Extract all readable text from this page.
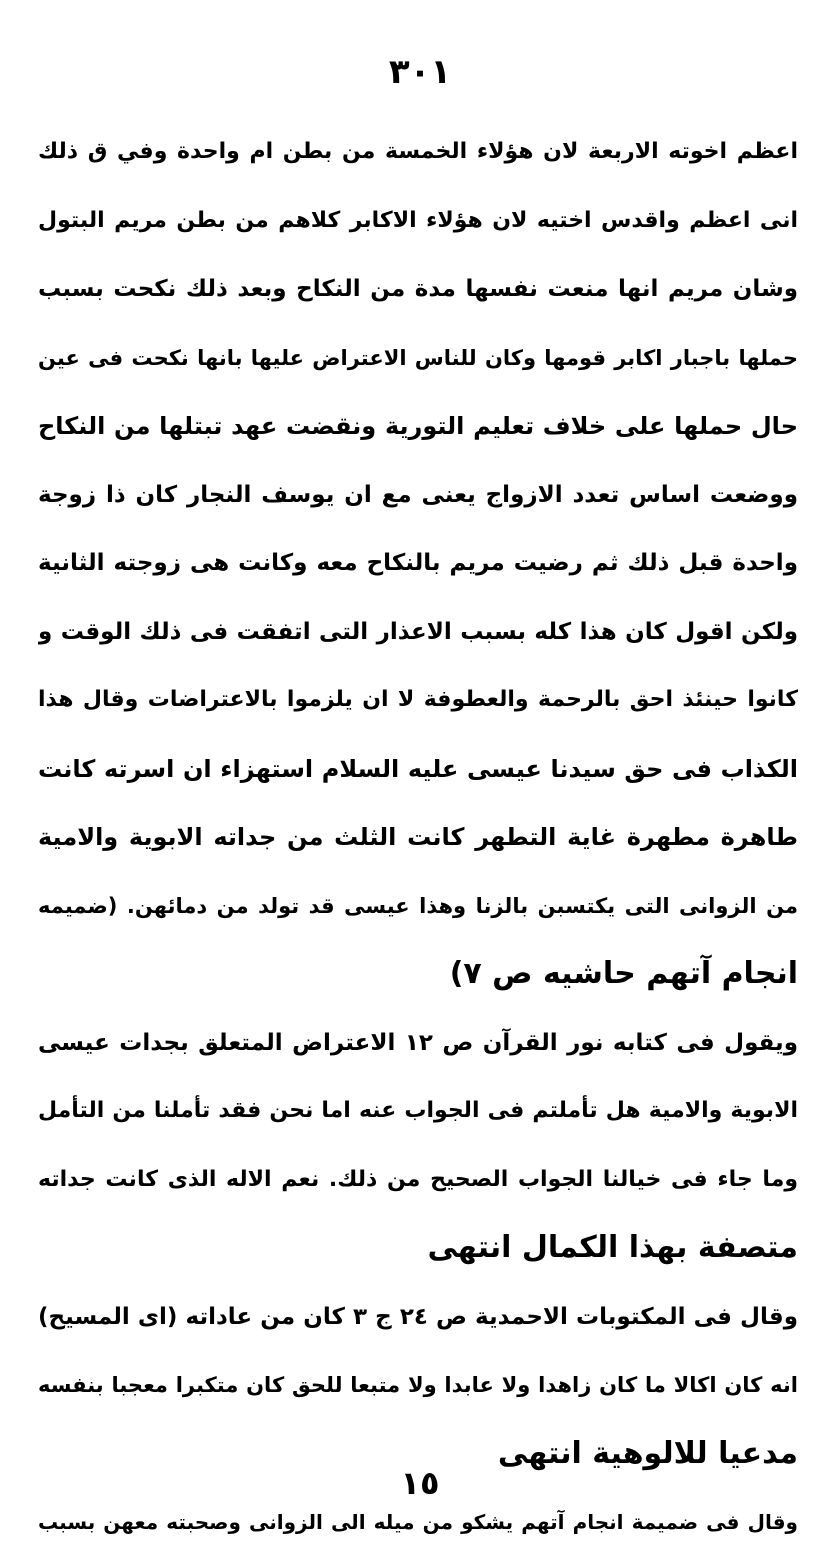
٣٠١
اعظم اخوته الاربعة لان هؤلاء الخمسة من بطن ام واحدة وفي ق ذلك
انى اعظم واقدس اختيه لان هؤلاء الاكابر كلاهم من بطن مريم البتول
وشان مريم انها منعت نفسها مدة من النكاح وبعد ذلك نكحت بسبب
حملها باجبار اكابر قومها وكان للناس الاعتراض عليها بانها نكحت فى عين
حال حملها على خلاف تعليم التورية ونقضت عهد تبتلها من النكاح
ووضعت اساس تعدد الازواج يعنى مع ان يوسف النجار كان ذا زوجة
واحدة قبل ذلك ثم رضيت مريم بالنكاح معه وكانت هى زوجته الثانية
ولكن اقول كان هذا كله بسبب الاعذار التى اتفقت فى ذلك الوقت و
كانوا حينئذ احق بالرحمة والعطوفة لا ان يلزموا بالاعتراضات وقال هذا
الكذاب فى حق سيدنا عيسى عليه السلام استهزاء ان اسرته كانت
طاهرة مطهرة غاية التطهر كانت الثلث من جداته الابوية والامية
من الزوانى التى يكتسبن بالزنا وهذا عيسى قد تولد من دمائهن. (ضميمه
انجام آتهم حاشيه ص ٧)
ويقول فى كتابه نور القرآن ص ١٢ الاعتراض المتعلق بجدات عيسى
الابوية والامية هل تأملتم فى الجواب عنه اما نحن فقد تأملنا من التأمل
وما جاء فى خيالنا الجواب الصحيح من ذلك. نعم الاله الذى كانت جداته
متصفة بهذا الكمال انتهى
وقال فى المكتوبات الاحمدية ص ٢٤ ج ٣ كان من عاداته (اى المسيح)
انه كان اكالا ما كان زاهدا ولا عابدا ولا متبعا للحق كان متكبرا معجبا بنفسه
مدعيا للالوهية انتهى
وقال فى ضميمة انجام آتهم يشكو من ميله الى الزوانى وصحبته معهن بسبب
١٥
